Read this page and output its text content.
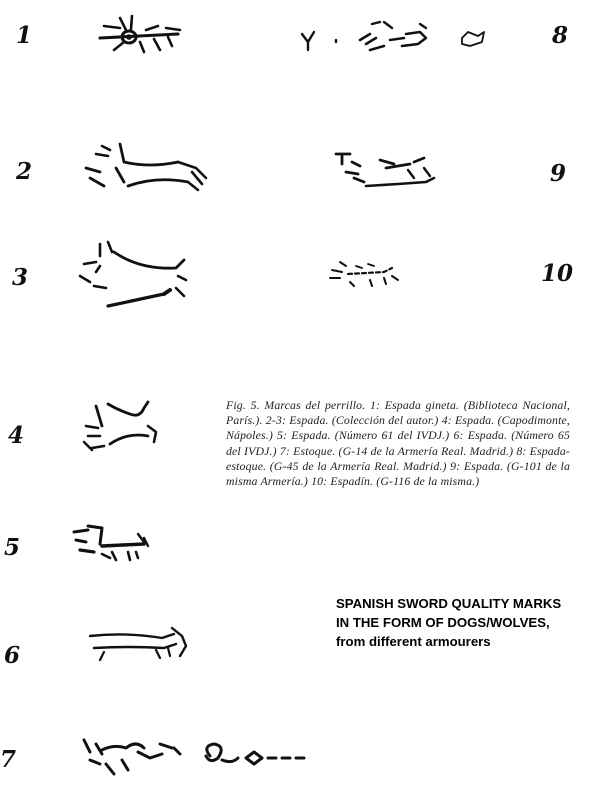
1
2
3
4
5
6
7
8
9
10
Fig. 5. Marcas del perrillo. 1: Espada gineta. (Biblioteca Nacional, París.). 2-3: Espada. (Colección del autor.) 4: Espada. (Capodimonte, Nápoles.) 5: Espada. (Número 61 del IVDJ.) 6: Espada. (Número 65 del IVDJ.) 7: Estoque. (G-14 de la Armería Real. Madrid.) 8: Espada-estoque. (G-45 de la Armería Real. Madrid.) 9: Espada. (G-101 de la misma Armería.) 10: Espadín. (G-116 de la misma.)
SPANISH SWORD QUALITY MARKS IN THE FORM OF DOGS/WOLVES, from different armourers
